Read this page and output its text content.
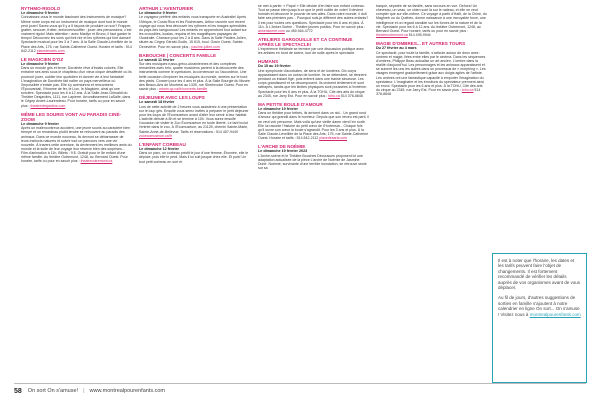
RYTHMO-RIGOLO
Le dimanche 9 février
Connaissez-vous le monde fascinant des instruments de musique? Même notre corps est un instrument de musique dont tout le monde peut jouer! Savez-vous qu'il y a 5 façons de produire un son? Frapper, gratter, secouer, frotter, enfoncer/souffler : jouer des percussions, c'est vraiment rigolo! Mais attention : avec Marilyn et Bruno, il faut garder le tempo! Découvrez les sons qui font rire et les rythmes qui font danser! Spectacle musical pour les 3 à 7 ans. À la Salle Claude-Léveillée de la Place des Arts, 175, rue Sainte-Catherine Ouest. Horaire et tarifs : 514 842-2112 placedesarts.com
LE MAGICIEN D'OZ
Le dimanche 9 février
Dans un monde gris et terne, Dorothée rêve d'éclats colorés. Elle entraîne ses amis sous le chapiteau d'un vieux cirque désaffecté où ils pourront jouer, oublier leur quotidien et donner vie à leur fantaisie! L'imagination de Dorothée fait naître un pays merveilleux où l'impossible n'existe pas. Elle s'y aventurera et rencontrera l'Épouvantail, l'Homme de fer, le Lion, le Magicien, ainsi qu'une sorcière. Spectacle pour les 6 à 12 ans. À la Salle-Jean-Grimaldi du Théâtre Desjardins, 1111, rue Lapierre. Arrondissement LaSalle, dans le Cégep André-Laurendeau. Pour horaire, tarifs ou pour en savoir plus : theatredesjardins.com
MÊME LES SOURIS VONT AU PARADIS CINÉ-ZOOM
Le dimanche 9 février
Après un malencontreux accident, une jeune souris au caractère bien trempé et un renardeau plutôt tendre se retrouvent au paradis des animaux. Dans ce monde nouveau, ils devront se débarrasser de leurs instincts naturels et suivre tout un parcours vers une vie nouvelle. À travers cette aventure, ils deviennent les meilleurs amis du monde et la suite de leur voyage leur réserve bien des surprises... Film d'animation à 11h. Billets : 9 $. Gratuit pour le 5e enfant d'une même famille. Au théâtre Outremont, 1248, av. Bernard Ouest. Pour horaire, tarifs ou pour en savoir plus : theatreoutremont.ca
ARTHUR L'AVENTURIER
Le dimanche 9 février
Le voyageur préféré des enfants vous transporte en Australie! Après l'Afrique, le Costa Rica et les Rocheuses, Arthur raconte son récent voyage qui nous fera découvrir les rythmes et les images splendides du pays des kangourous! Les enfants en apprendront tout autant sur les crocodiles, koalas, requins et les magnifiques paysages de l'Australie. Chanson pour les 2 à 8 ans. Dans la Salle Pauline-Julien, située au Cégep Gérald-Godin, 15 615, boul. Gouin Ouest, Sainte-Geneviève. Pour en savoir plus : pauline-julien.com
BABOUCHE | CONCERTS FAMILLE
Le samedi 11 février
Sur des musiques russo-gréco-ukrainiennes et des comptines remaniées avec brio, quatre musiciens partent à la découverte des instruments comme le cymbalum, la cornemuse ou l'accordéon. Une belle occasion d'explorer les musiques du monde, sereins sur le bout des pieds. Concert pour les 4 ans et plus. À la Salle Bourgie du Musée des Beaux-Arts de Montréal au 1339, rue Sherbrooke Ouest. Pour en savoir plus : mbam.qc.ca/fr/concerts-famille
DÉJEUNER AVEC LES LOUPS
Le samedi 18 février
Lors de cette activité de 2 heures vous assisterez à une présentation sur le loup gris. Ensuite vous serez invités à préparer le petit déjeuner pour les loups de l'Écomuséum avant d'aller leur servir à leur habitat. L'activité débute à 8h et se termine à 10h. Vous aurez ensuite l'occasion de visiter le Zoo Écomuséum en toute liberté. Le tarif inclut l'entrée dans le zoo. À l'Écomuséum, au 21125, chemin Sainte-Marie, Sainte-Anne-de-Bellevue. Tarifs et réservations : 514 457-9449 zooecomuseum.ca/fr
L'ENFANT CORBEAU
Le dimanche 12 février
Dans un parc, un corbeau prédit le jour d'une femme. Étonnée, elle le déploie, puis elle le perd. Mais il lui suit jusque chez elle. Et puis! Un tout petit corbeau en sort et
se met à parler. « Papa! » Elle décide d'en faire son enfant corbeau. Tout se passe bien jusqu'à ce que le petit oublie de voler! Il devient humain et découvre le pouvoir de ses ailes. Dans notre monde, il doit faire ses premiers pas... Pourquoi suis-je différent des autres enfants? Il est pour toutes ces questions. Spectacle pour les 6 ans et plus. À 11h. À L'Anker-Scène - Théâtre jeunes publics. Pour en savoir plus : ansenscene.com ou 450 464-4772
ATELIERS GARGOUILLE ET CA CONTINUE APRÈS LE SPECTACLE!
L'expérience théâtrale se termine par une discussion publique avec les artistes en bord de scène, tout de suite après le spectacle.
HUMANS
Du 15 au 19 février
Une symphonie d'acrobates, de sens et de lumières. Dix corps apparaissent dans un océan de lumière. Ils se détendent, se tiennent pendant un instant figé, puis entrent dans une transe sinueuse. Les corps grandissent et se décomposent. Ils croisent lentement et sont rattrapés, tandis que les limites physiques sont poussées à l'extrême. Spectacle pour les 6 ans et plus. À la TOHU, Cité des arts du cirque au 2345, rue Jarry Est. Pour en savoir plus : tohu.ca 514 376-8648
MA PETITE BOULE D'AMOUR
Le dimanche 19 février
Dans un théâtre pour bébés, ils arrivent dans un nid... Un grand rond d'amour qui grandit dans le bonheur. Depuis que son neveu est parti, il ne veut voir personne. Mais voilà qu'une vieille dame vient l'en sortir. Elle lui raconte l'histoire du petit cœur de l'Hortensia... Chaque fois qu'il ouvre son cœur la boule s'agrandit. Pour les 3 ans et plus. À la Salle Claude-Léveillée de la Place des Arts, 175, rue Sainte-Catherine Ouest. Horaire et tarifs : 514 842-2112 placedesarts.com
L'ARCHE DE NOÉMIE
Le dimanche 19 février 2023
L'Arche-scène et le Théâtre Bouches Décousues proposent ici une adaptation actualisée de la pièce L'arche de Noémie de Jasmine Dubé. Noémie, survivante d'une terrible inondation, se retrouve seule sur sa
barque, séparée de sa famille, sans secours en vue. Dehors! Un chevreau, un veau, un chien sont là sur le radeau, et elle ne veut compter que sur elle-même. Ce voyage à partir d'Haïti, de la Chine, du Maghreb ou du Québec, donne naissance à une incroyable force, une intelligence et un regard candide sur les forces de la nature et de la vie. Spectacle pour les 6 à 12 ans. Au théâtre Outremont, 1248, av. Bernard Ouest. Pour horaire, tarifs ou pour en savoir plus : theatreoutremont.ca 514 495-9944
MAGIE D'OMBRES... ET AUTRES TOURS
Du 27 février au 4 mars
Ce spectacle, pour toute la famille, s'articule autour de deux axes : ombres et magie, liées entre elles par le cinéma. Dans les séquences d'ombres, Philippe Beau actualise un art ancien. L'ombre dans la réalité d'aujourd'hui. Les personnages et les animaux apparaissent et se suivent les uns les autres dans un processus de « morphing ». Les visages émergent graduellement grâce aux doigts agiles de l'artiste. Les ombres ont une fantastique capacité à emporter l'imagination du spectateur. L'imaginaire et les émotions du spectateur prennent ainsi un envol. Spectacle pour les 6 ans et plus. À la TOHU, Cité des arts du cirque au 2345, rue Jarry Est. Pour en savoir plus : tohu.ca 514 376-8648

Il est à noter que l'horaire, les dates et les tarifs peuvent faire l'objet de changements. Il est fortement recommandé de vérifier les détails auprès de vos organismes avant de vous déplacer.

Au fil de jours, d'autres suggestions de sorties en famille s'ajoutent à notre calendrier en ligne On sort... On s'amuse ! Visitez nous à montrealpourenfants.com

58 On sort On s'amuse! | www.montrealpourenfants.com
